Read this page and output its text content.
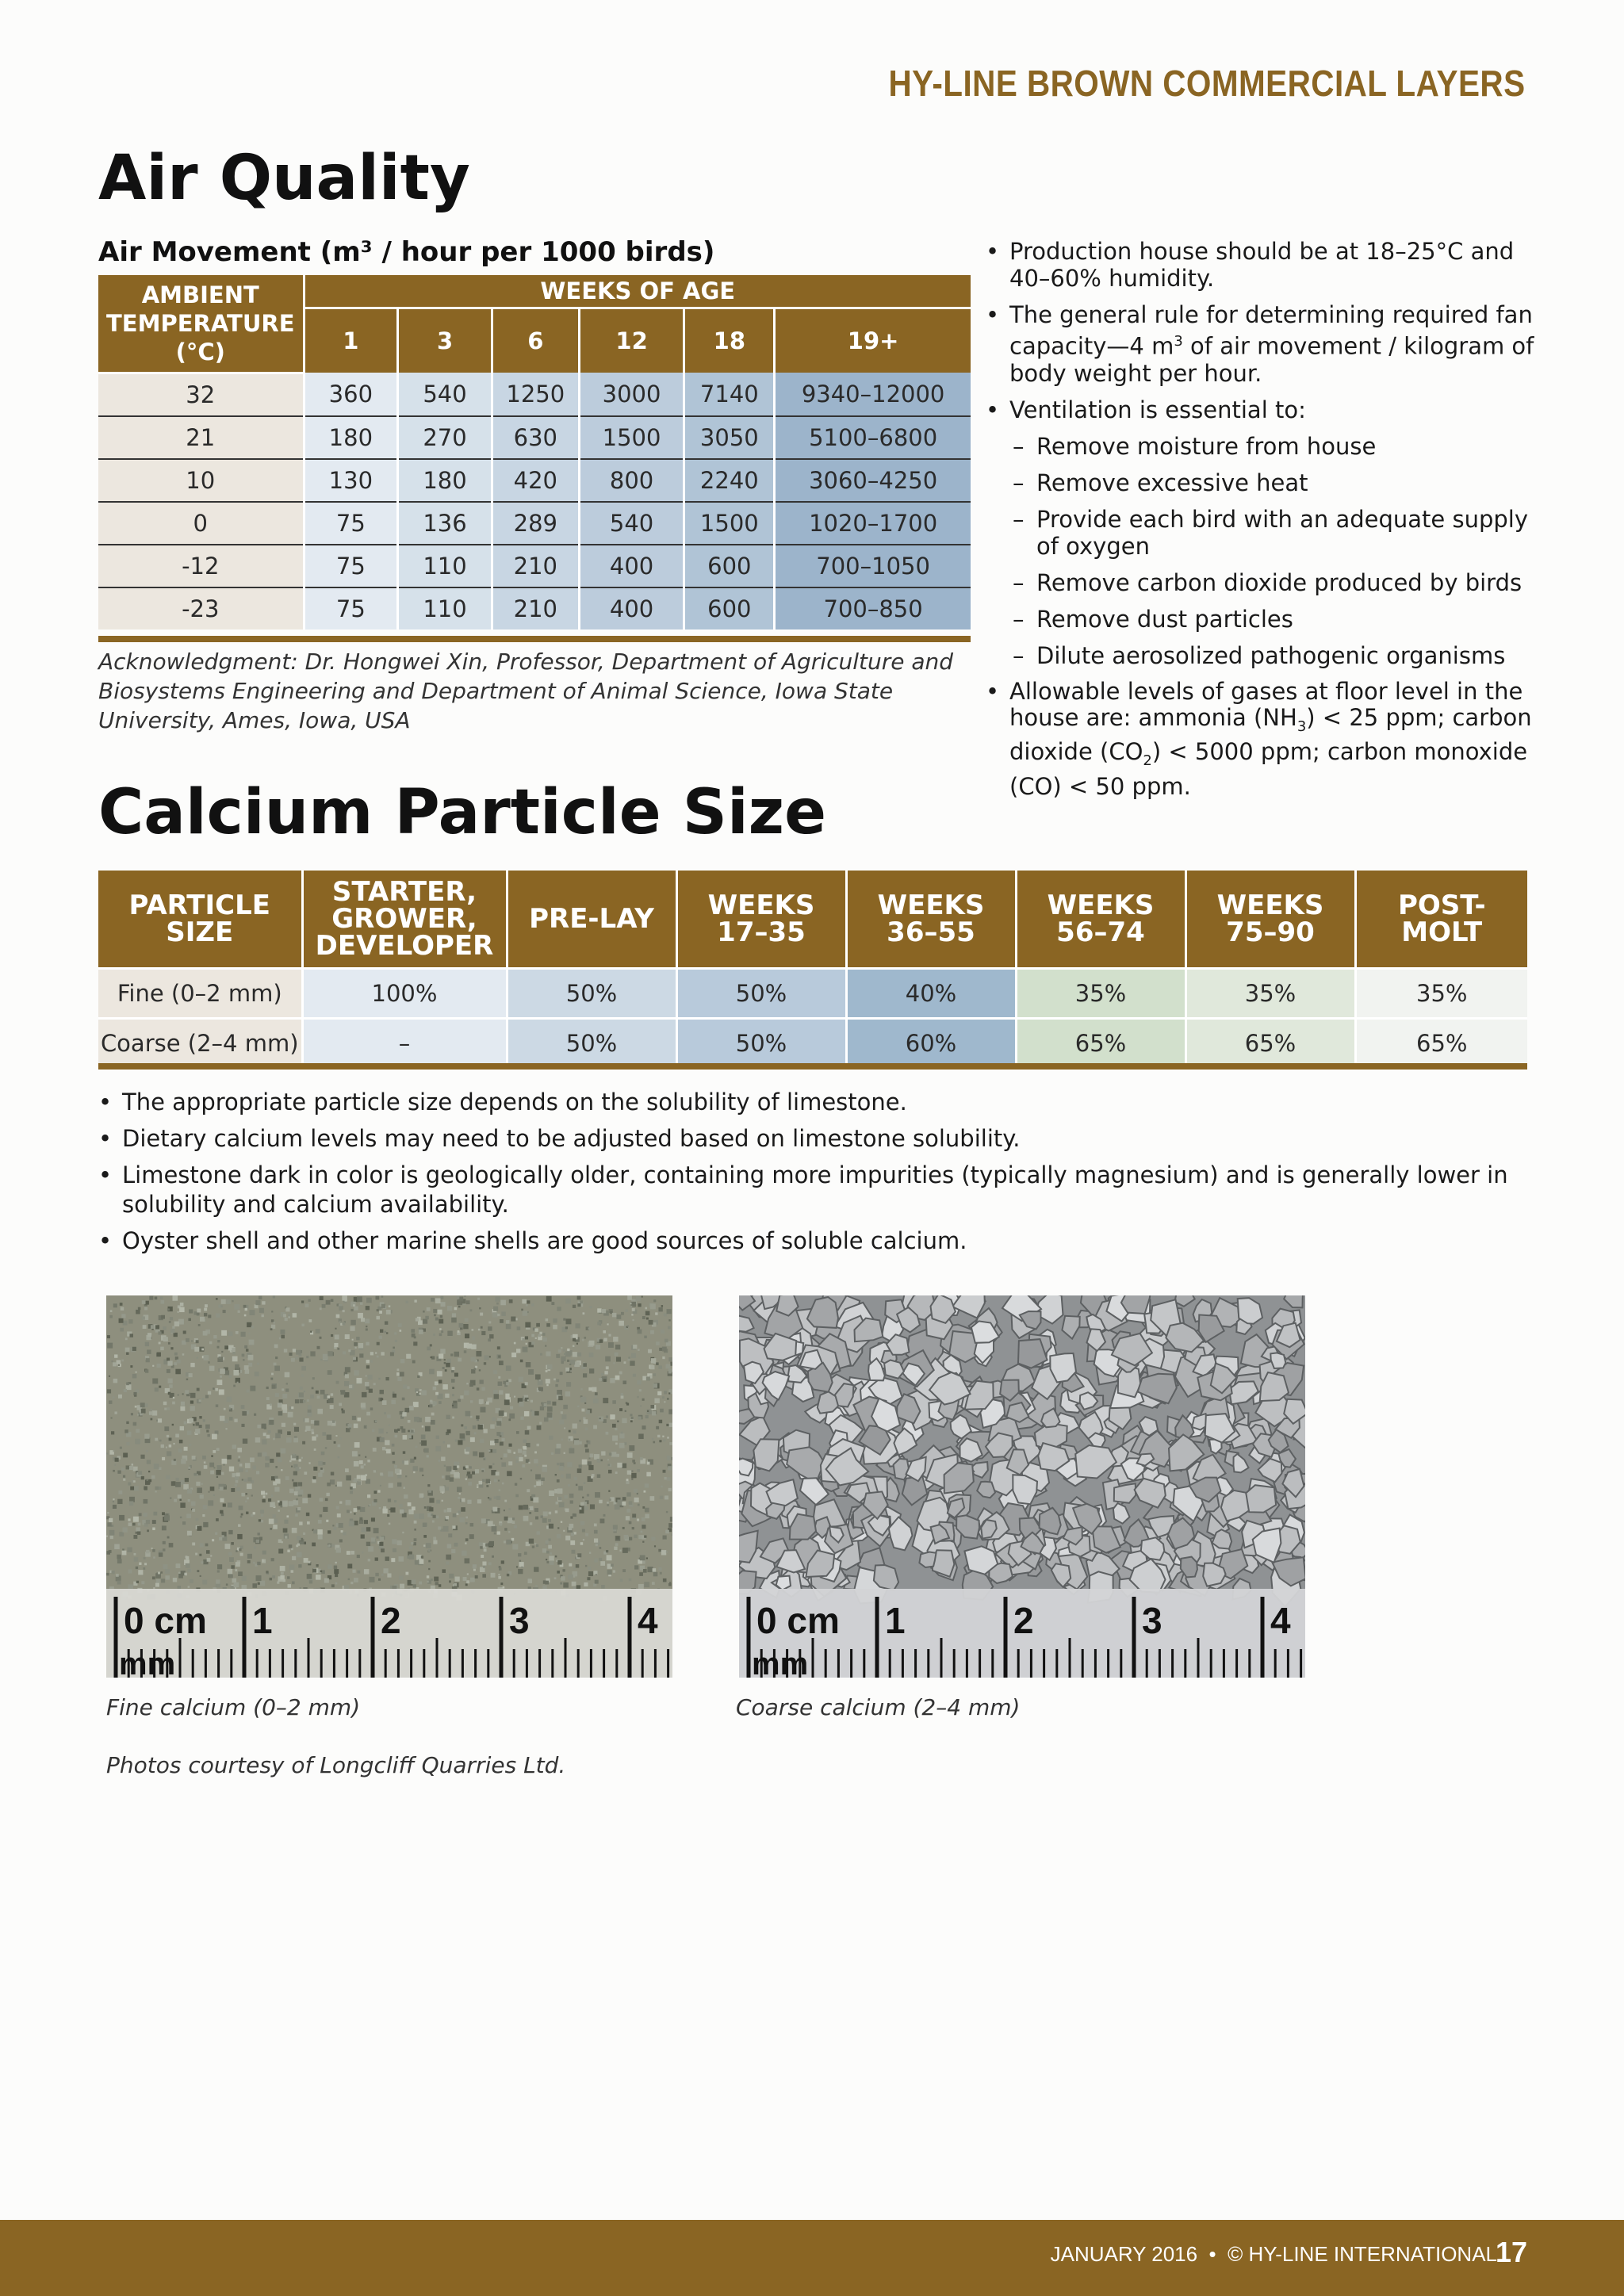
HY-LINE BROWN COMMERCIAL LAYERS
Air Quality
Air Movement (m³ / hour per 1000 birds)
AMBIENT TEMPERATURE (°C)	WEEKS OF AGE					
	1	3	6	12	18	19+
32	360	540	1250	3000	7140	9340–12000
21	180	270	630	1500	3050	5100–6800
10	130	180	420	800	2240	3060–4250
0	75	136	289	540	1500	1020–1700
-12	75	110	210	400	600	700–1050
-23	75	110	210	400	600	700–850
Acknowledgment: Dr. Hongwei Xin, Professor, Department of Agriculture and Biosystems Engineering and Department of Animal Science, Iowa State University, Ames, Iowa, USA
• Production house should be at 18–25°C and 40–60% humidity.
• The general rule for determining required fan capacity—4 $m^3$ of air movement / kilogram of body weight per hour.
• Ventilation is essential to:
– Remove moisture from house
– Remove excessive heat
– Provide each bird with an adequate supply of oxygen
– Remove carbon dioxide produced by birds
– Remove dust particles
– Dilute aerosolized pathogenic organisms
• Allowable levels of gases at floor level in the house are: ammonia $(NH_3) < 25$ ppm; carbon dioxide $(CO_2) < 5000$ ppm; carbon monoxide (CO) < 50 ppm.
Calcium Particle Size
PARTICLE SIZE	STARTER, GROWER, DEVELOPER	PRE-LAY	WEEKS 17–35	WEEKS 36–55	WEEKS 56–74	WEEKS 75–90	POST-MOLT
Fine (0–2 mm)	100%	50%	50%	40%	35%	35%	35%
Coarse (2–4 mm)	–	50%	50%	60%	65%	65%	65%
• The appropriate particle size depends on the solubility of limestone.
• Dietary calcium levels may need to be adjusted based on limestone solubility.
• Limestone dark in color is geologically older, containing more impurities (typically magnesium) and is generally lower in solubility and calcium availability.
• Oyster shell and other marine shells are good sources of soluble calcium.
0 cm 1	2	3	4
mm
0 cm 1	2	3	4
mm
Fine calcium (0–2 mm)	Coarse calcium (2–4 mm)
Photos courtesy of Longcliff Quarries Ltd.
JANUARY 2016  •  © HY-LINE INTERNATIONAL
17
